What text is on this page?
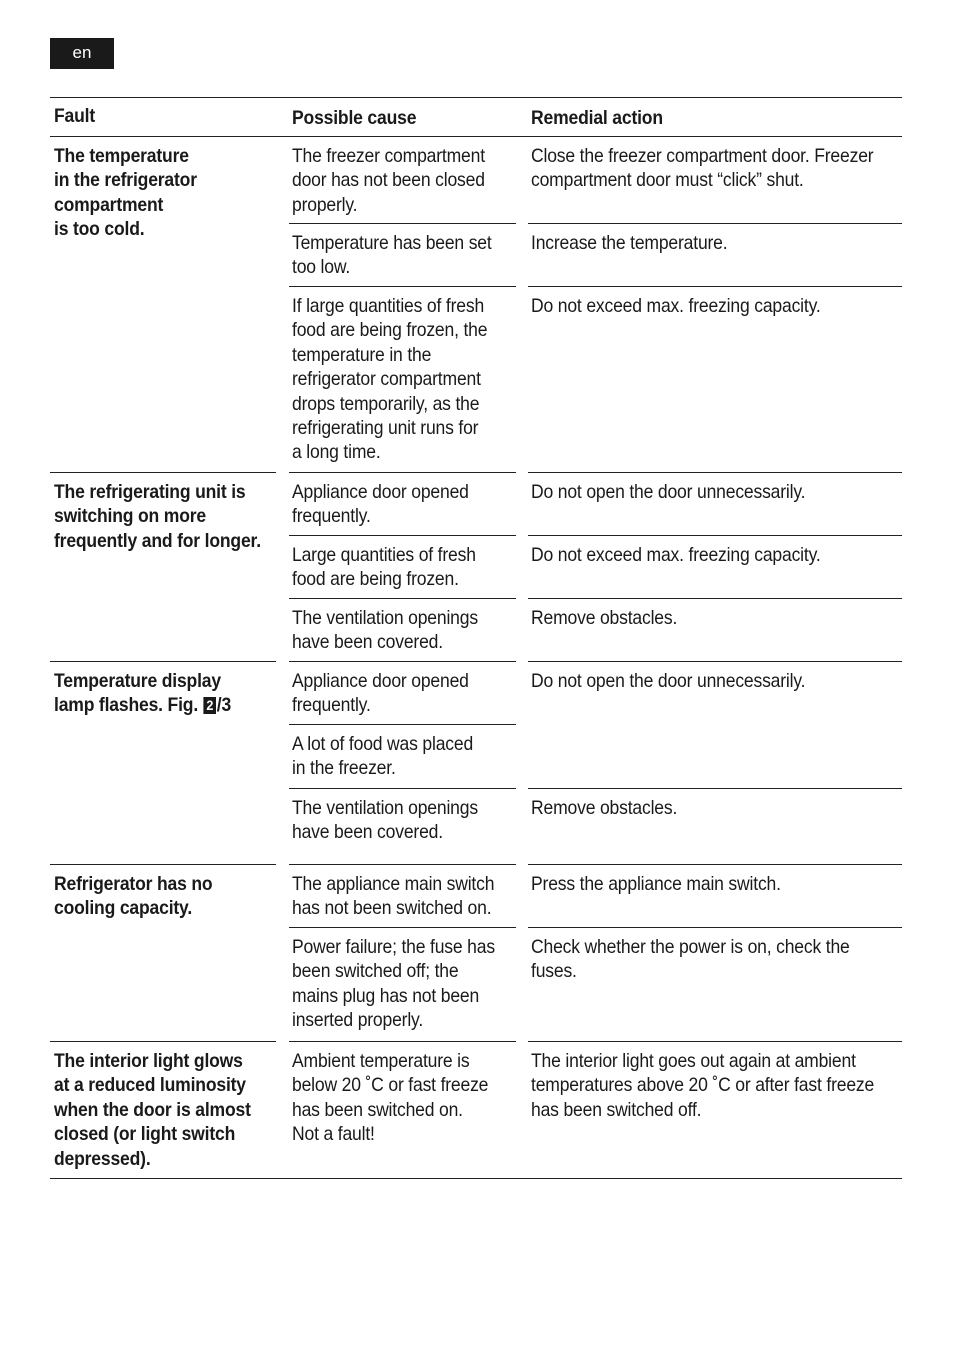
en
Fault	Possible cause	Remedial action
The temperature
in the refrigerator
compartment
is too cold.
The freezer compartment
door has not been closed
properly.
Close the freezer compartment door. Freezer
compartment door must “click” shut.
Temperature has been set
too low.
Increase the temperature.
If large quantities of fresh
food are being frozen, the
temperature in the
refrigerator compartment
drops temporarily, as the
refrigerating unit runs for
a long time.
Do not exceed max. freezing capacity.
The refrigerating unit is
switching on more
frequently and for longer.
Appliance door opened
frequently.
Do not open the door unnecessarily.
Large quantities of fresh
food are being frozen.
Do not exceed max. freezing capacity.
The ventilation openings
have been covered.
Remove obstacles.
Temperature display
lamp flashes. Fig. 2 /3
Appliance door opened
frequently.
Do not open the door unnecessarily.
A lot of food was placed
in the freezer.
The ventilation openings
have been covered.
Remove obstacles.
Refrigerator has no
cooling capacity.
The appliance main switch
has not been switched on.
Press the appliance main switch.
Power failure; the fuse has
been switched off; the
mains plug has not been
inserted properly.
Check whether the power is on, check the
fuses.
The interior light glows
at a reduced luminosity
when the door is almost
closed (or light switch
depressed).
Ambient temperature is
below 20 ˚C or fast freeze
has been switched on.
Not a fault!
The interior light goes out again at ambient
temperatures above 20 ˚C or after fast freeze
has been switched off.
